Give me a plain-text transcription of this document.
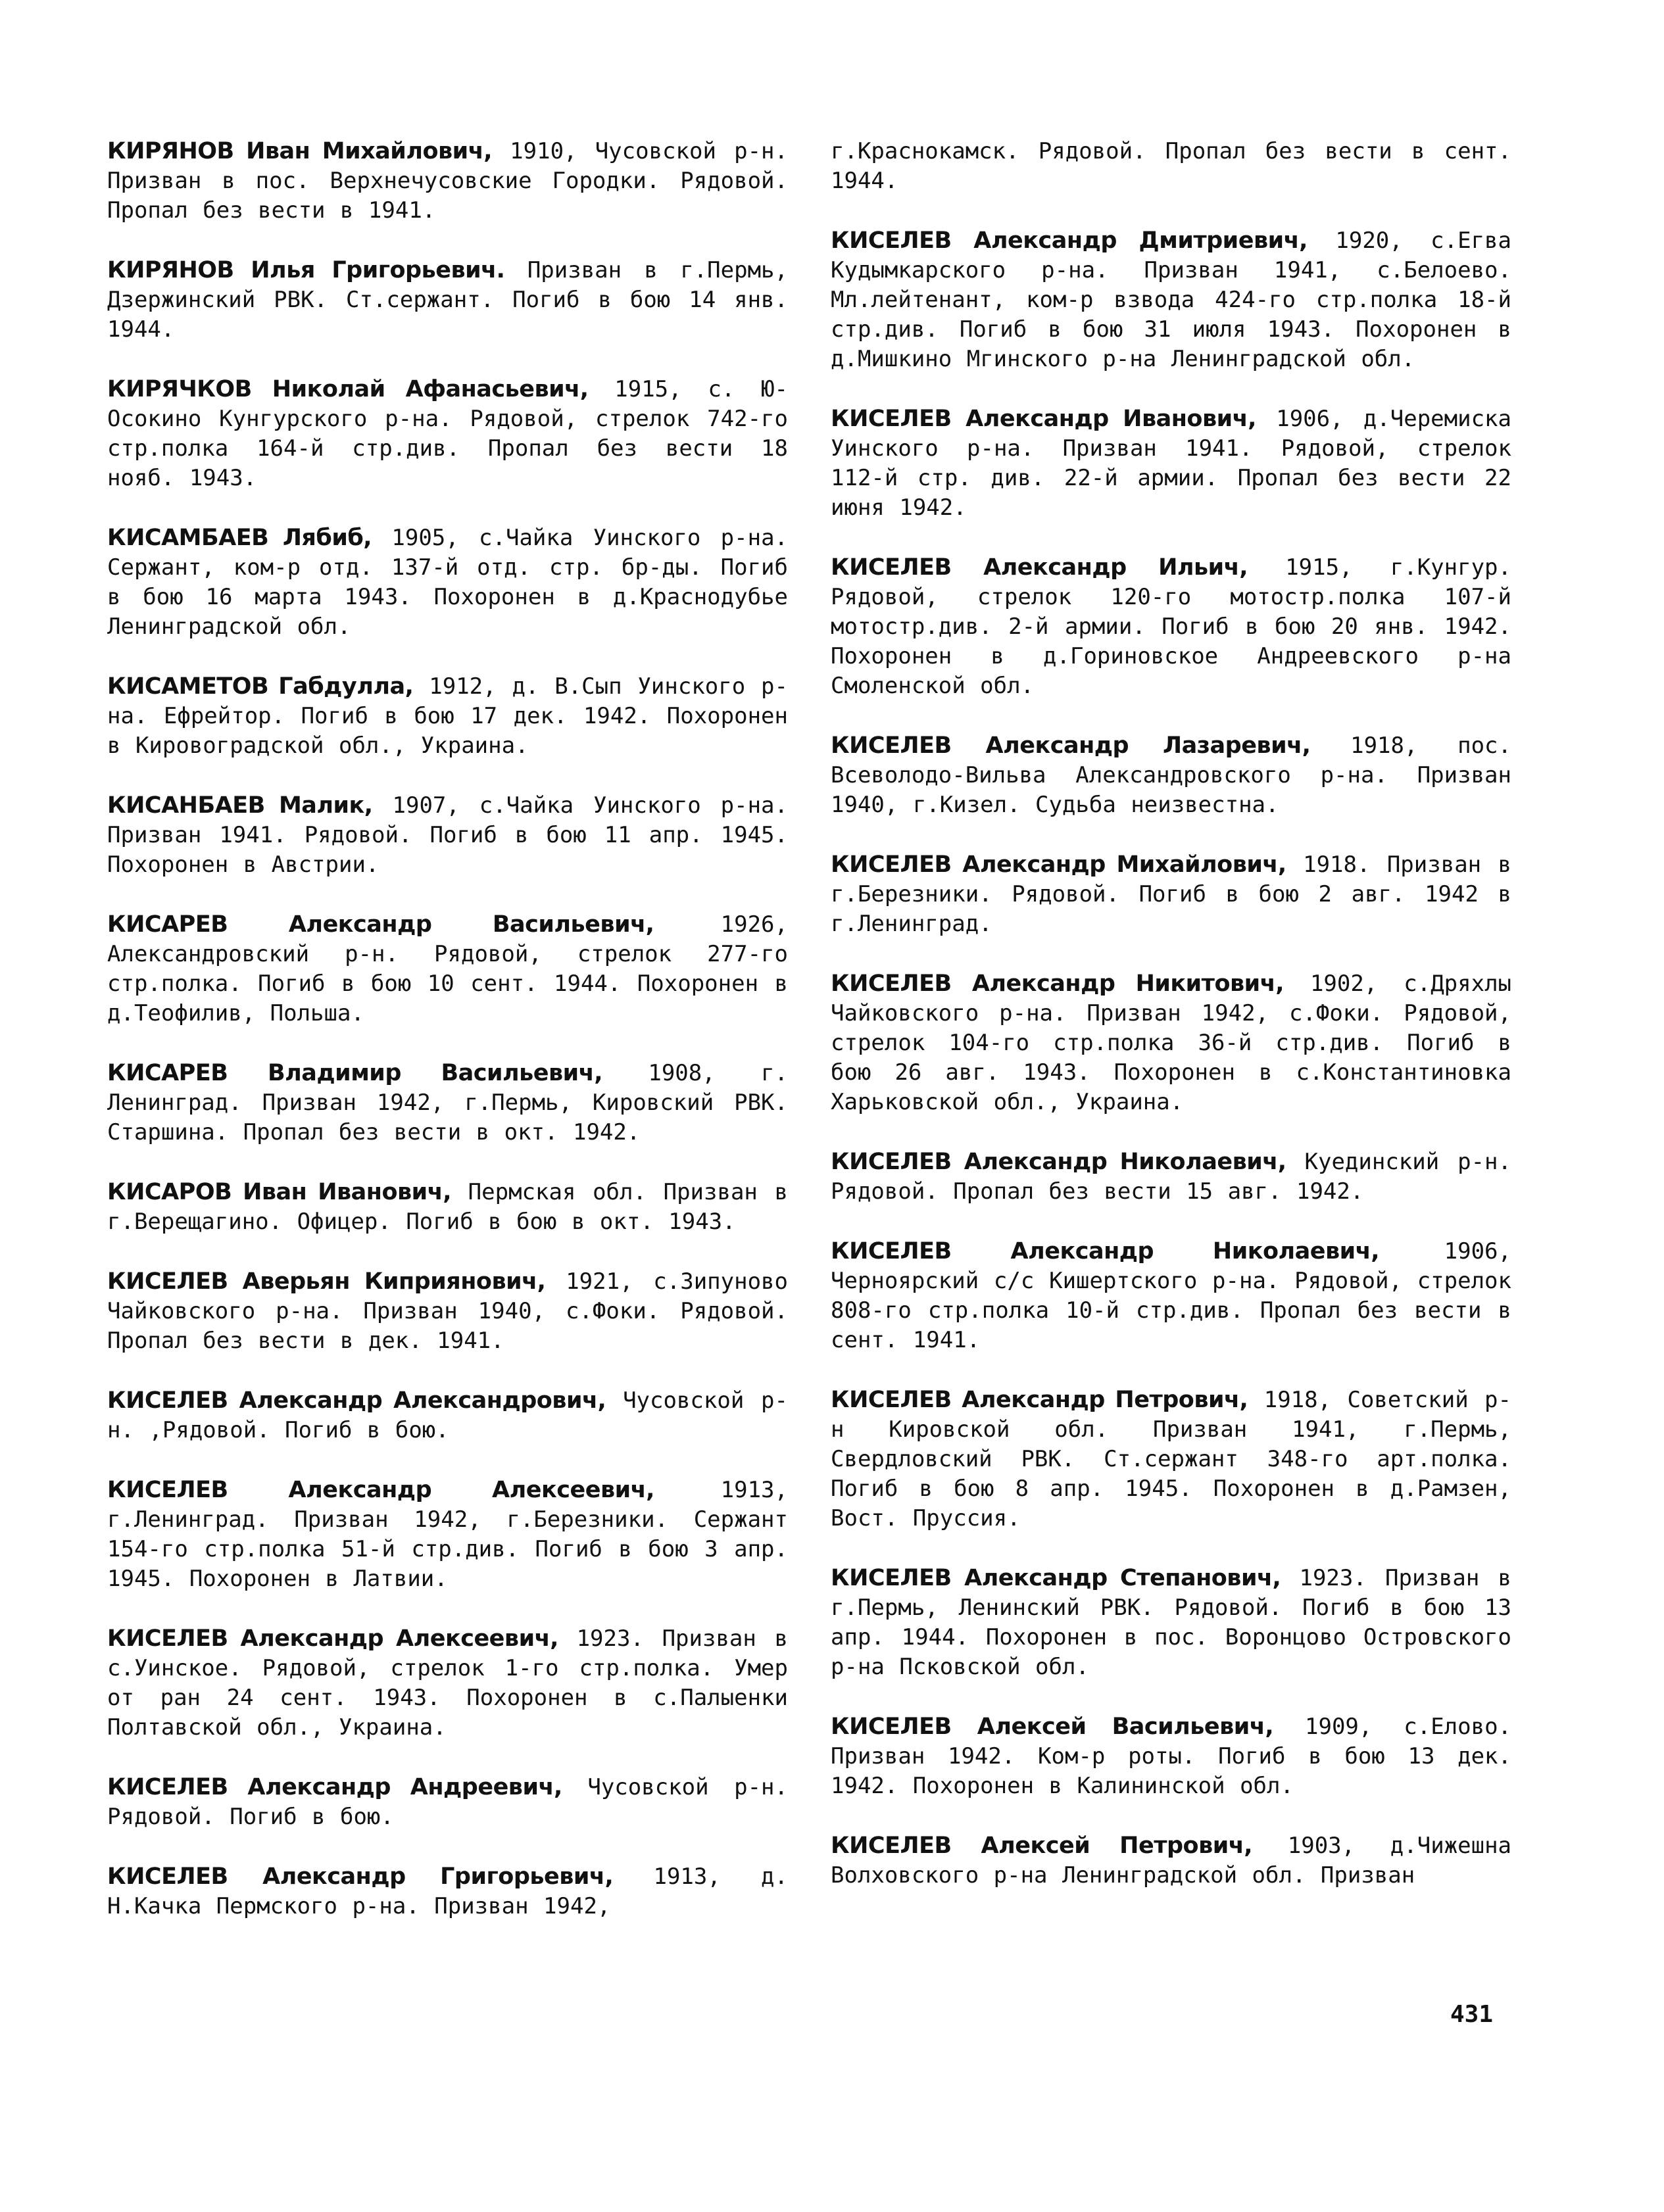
КИРЯНОВ Иван Михайлович, 1910, Чусовской р-н. Призван в пос. Верхнечусовские Городки. Рядовой. Пропал без вести в 1941.

КИРЯНОВ Илья Григорьевич. Призван в г.Пермь, Дзержинский РВК. Ст.сержант. Погиб в бою 14 янв. 1944.

КИРЯЧКОВ Николай Афанасьевич, 1915, с. Ю-Осокино Кунгурского р-на. Рядовой, стрелок 742-го стр.полка 164-й стр.див. Пропал без вести 18 нояб. 1943.

КИСАМБАЕВ Лябиб, 1905, с.Чайка Уинского р-на. Сержант, ком-р отд. 137-й отд. стр. бр-ды. Погиб в бою 16 марта 1943. Похоронен в д.Краснодубье Ленинградской обл.

КИСАМЕТОВ Габдулла, 1912, д. В.Сып Уинского р-на. Ефрейтор. Погиб в бою 17 дек. 1942. Похоронен в Кировоградской обл., Украина.

КИСАНБАЕВ Малик, 1907, с.Чайка Уинского р-на. Призван 1941. Рядовой. Погиб в бою 11 апр. 1945. Похоронен в Австрии.

КИСАРЕВ Александр Васильевич, 1926, Александровский р-н. Рядовой, стрелок 277-го стр.полка. Погиб в бою 10 сент. 1944. Похоронен в д.Теофилив, Польша.

КИСАРЕВ Владимир Васильевич, 1908, г. Ленинград. Призван 1942, г.Пермь, Кировский РВК. Старшина. Пропал без вести в окт. 1942.

КИСАРОВ Иван Иванович, Пермская обл. Призван в г.Верещагино. Офицер. Погиб в бою в окт. 1943.

КИСЕЛЕВ Аверьян Киприянович, 1921, с.Зипуново Чайковского р-на. Призван 1940, с.Фоки. Рядовой. Пропал без вести в дек. 1941.

КИСЕЛЕВ Александр Александрович, Чусовской р-н. ‚Рядовой. Погиб в бою.

КИСЕЛЕВ Александр Алексеевич, 1913, г.Ленинград. Призван 1942, г.Березники. Сержант 154-го стр.полка 51-й стр.див. Погиб в бою 3 апр. 1945. Похоронен в Латвии.

КИСЕЛЕВ Александр Алексеевич, 1923. Призван в с.Уинское. Рядовой, стрелок 1-го стр.полка. Умер от ран 24 сент. 1943. Похоронен в с.Палыенки Полтавской обл., Украина.

КИСЕЛЕВ Александр Андреевич, Чусовской р-н. Рядовой. Погиб в бою.

КИСЕЛЕВ Александр Григорьевич, 1913, д. Н.Качка Пермского р-на. Призван 1942,

г.Краснокамск. Рядовой. Пропал без вести в сент. 1944.

КИСЕЛЕВ Александр Дмитриевич, 1920, с.Егва Кудымкарского р-на. Призван 1941, с.Белоево. Мл.лейтенант, ком-р взвода 424-го стр.полка 18-й стр.див. Погиб в бою 31 июля 1943. Похоронен в д.Мишкино Мгинского р-на Ленинградской обл.

КИСЕЛЕВ Александр Иванович, 1906, д.Черемиска Уинского р-на. Призван 1941. Рядовой, стрелок 112-й стр. див. 22-й армии. Пропал без вести 22 июня 1942.

КИСЕЛЕВ Александр Ильич, 1915, г.Кунгур. Рядовой, стрелок 120-го мотостр.полка 107-й мотостр.див. 2-й армии. Погиб в бою 20 янв. 1942. Похоронен в д.Гориновское Андреевского р-на Смоленской обл.

КИСЕЛЕВ Александр Лазаревич, 1918, пос. Всеволодо-Вильва Александровского р-на. Призван 1940, г.Кизел. Судьба неизвестна.

КИСЕЛЕВ Александр Михайлович, 1918. Призван в г.Березники. Рядовой. Погиб в бою 2 авг. 1942 в г.Ленинград.

КИСЕЛЕВ Александр Никитович, 1902, с.Дряхлы Чайковского р-на. Призван 1942, с.Фоки. Рядовой, стрелок 104-го стр.полка 36-й стр.див. Погиб в бою 26 авг. 1943. Похоронен в с.Константиновка Харьковской обл., Украина.

КИСЕЛЕВ Александр Николаевич, Куединский р-н. Рядовой. Пропал без вести 15 авг. 1942.

КИСЕЛЕВ Александр Николаевич, 1906, Черноярский с/с Кишертского р-на. Рядовой, стрелок 808-го стр.полка 10-й стр.див. Пропал без вести в сент. 1941.

КИСЕЛЕВ Александр Петрович, 1918, Советский р-н Кировской обл. Призван 1941, г.Пермь, Свердловский РВК. Ст.сержант 348-го арт.полка. Погиб в бою 8 апр. 1945. Похоронен в д.Рамзен, Вост. Пруссия.

КИСЕЛЕВ Александр Степанович, 1923. Призван в г.Пермь, Ленинский РВК. Рядовой. Погиб в бою 13 апр. 1944. Похоронен в пос. Воронцово Островского р-на Псковской обл.

КИСЕЛЕВ Алексей Васильевич, 1909, с.Елово. Призван 1942. Ком-р роты. Погиб в бою 13 дек. 1942. Похоронен в Калининской обл.

КИСЕЛЕВ Алексей Петрович, 1903, д.Чижешна Волховского р-на Ленинградской обл. Призван

431
